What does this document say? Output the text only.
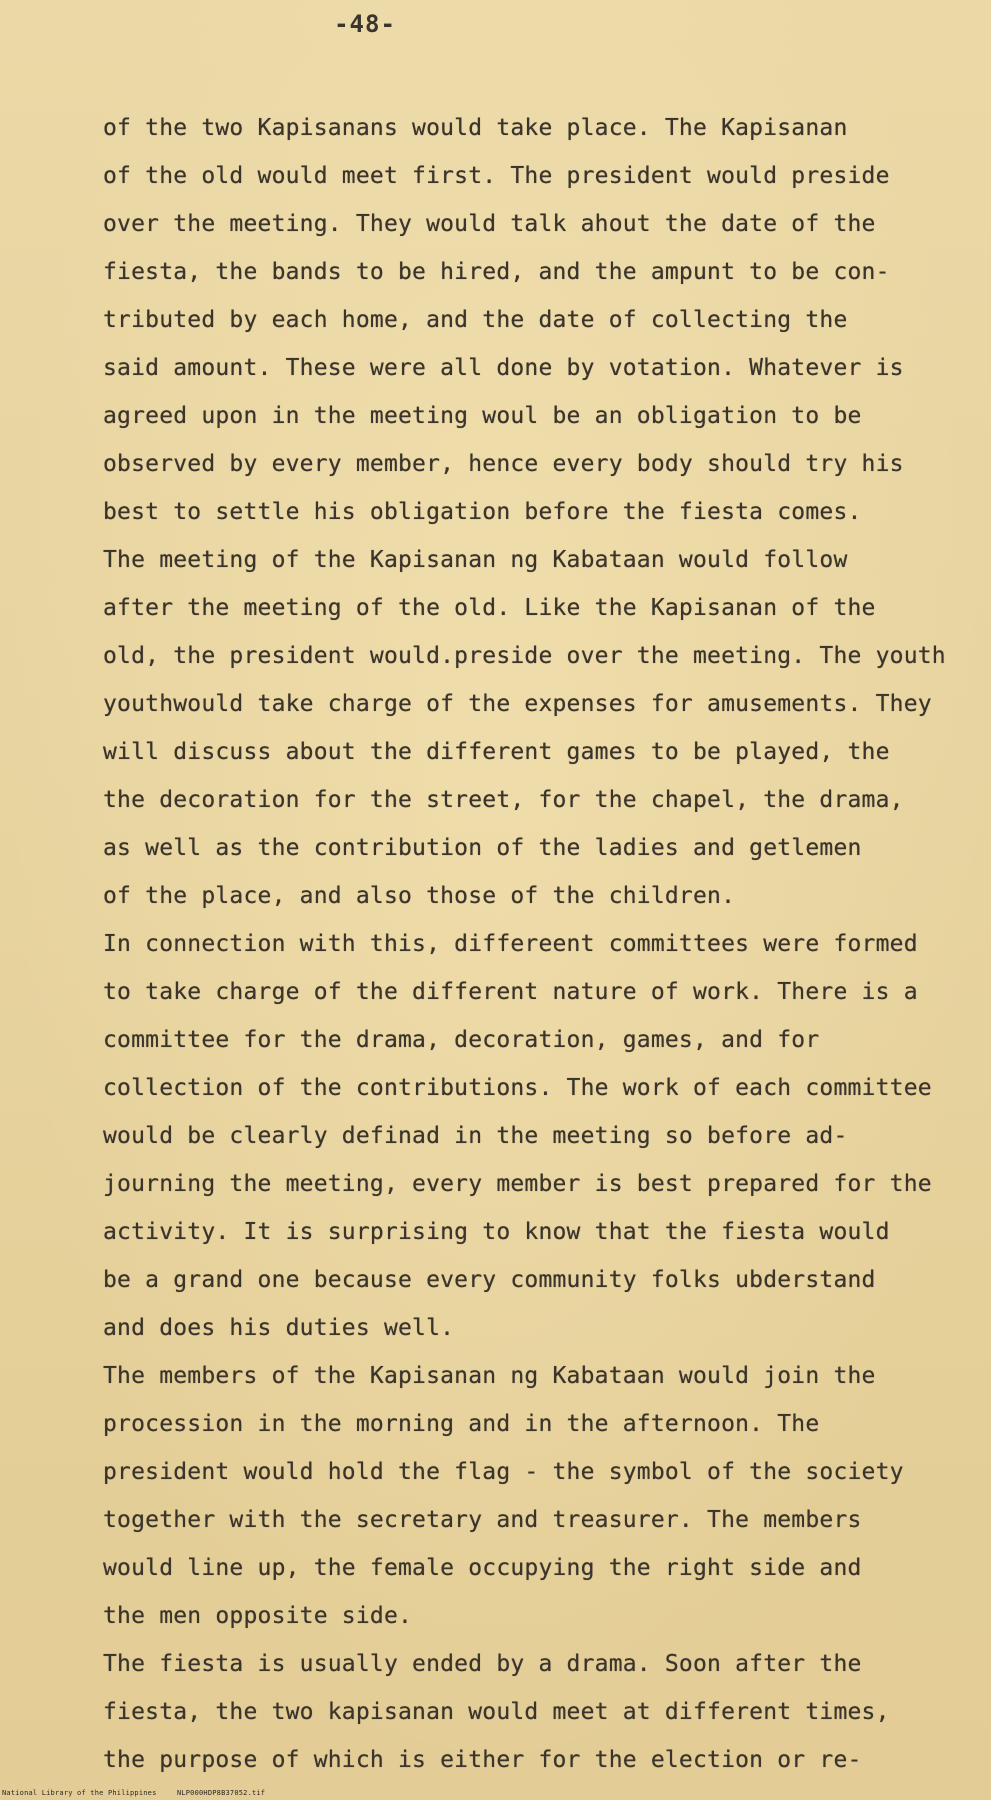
-48-
of the two Kapisanans would take place. The Kapisanan
of the old would meet first. The president would preside
over the meeting. They would talk ahout the date of the
fiesta, the bands to be hired, and the ampunt to be con-
tributed by each home, and the date of collecting the
said amount. These were all done by votation. Whatever is
agreed upon in the meeting woul be an obligation to be
observed by every member, hence every body should try his
best to settle his obligation before the fiesta comes.
The meeting of the Kapisanan ng Kabataan would follow
after the meeting of the old. Like the Kapisanan of the
old, the president would.preside over the meeting. The youth
youthwould take charge of the expenses for amusements. They
will discuss about the different games to be played, the
the decoration for the street, for the chapel, the drama,
as well as the contribution of the ladies and getlemen
of the place, and also those of the children.
In connection with this, differeent committees were formed
to take charge of the different nature of work. There is a
committee for the drama, decoration, games, and for
collection of the contributions. The work of each committee
would be clearly definad in the meeting so before ad-
journing the meeting, every member is best prepared for the
activity. It is surprising to know that the fiesta would
be a grand one because every community folks ubderstand
and does his duties well.
The members of the Kapisanan ng Kabataan would join the
procession in the morning and in the afternoon. The
president would hold the flag - the symbol of the society
together with the secretary and treasurer. The members
would line up, the female occupying the right side and
the men opposite side.
The fiesta is usually ended by a drama. Soon after the
fiesta, the two kapisanan would meet at different times,
the purpose of which is either for the election or re-
National Library of the Philippines	NLP000HDP8B37052.tif
